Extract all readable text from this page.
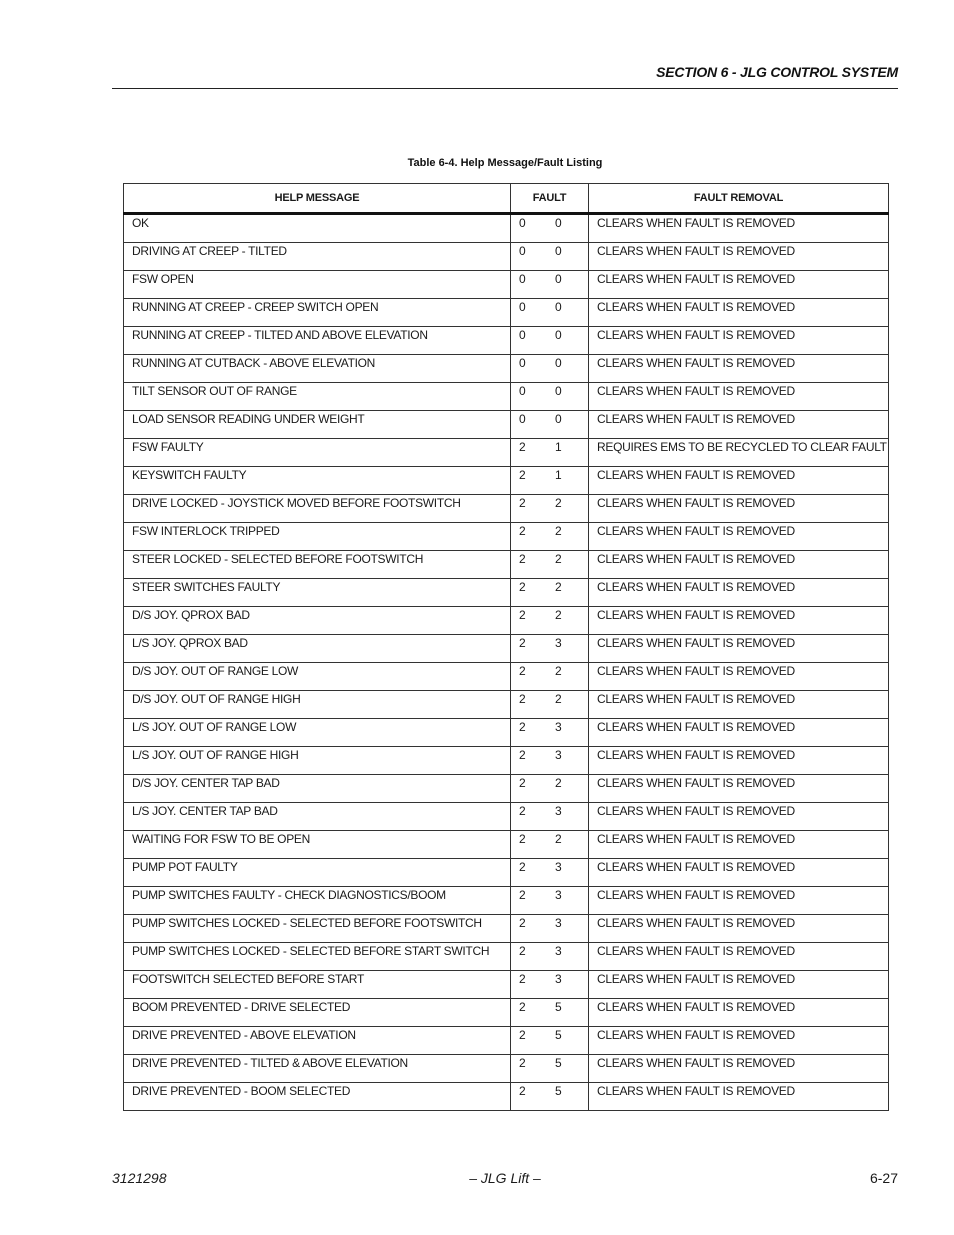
SECTION 6 - JLG CONTROL SYSTEM
Table 6-4. Help Message/Fault Listing
HELP MESSAGE	FAULT	FAULT REMOVAL
OK	0 0	CLEARS WHEN FAULT IS REMOVED
DRIVING AT CREEP - TILTED	0 0	CLEARS WHEN FAULT IS REMOVED
FSW OPEN	0 0	CLEARS WHEN FAULT IS REMOVED
RUNNING AT CREEP - CREEP SWITCH OPEN	0 0	CLEARS WHEN FAULT IS REMOVED
RUNNING AT CREEP - TILTED AND ABOVE ELEVATION	0 0	CLEARS WHEN FAULT IS REMOVED
RUNNING AT CUTBACK - ABOVE ELEVATION	0 0	CLEARS WHEN FAULT IS REMOVED
TILT SENSOR OUT OF RANGE	0 0	CLEARS WHEN FAULT IS REMOVED
LOAD SENSOR READING UNDER WEIGHT	0 0	CLEARS WHEN FAULT IS REMOVED
FSW FAULTY	2 1	REQUIRES EMS TO BE RECYCLED TO CLEAR FAULT
KEYSWITCH FAULTY	2 1	CLEARS WHEN FAULT IS REMOVED
DRIVE LOCKED - JOYSTICK MOVED BEFORE FOOTSWITCH	2 2	CLEARS WHEN FAULT IS REMOVED
FSW INTERLOCK TRIPPED	2 2	CLEARS WHEN FAULT IS REMOVED
STEER LOCKED - SELECTED BEFORE FOOTSWITCH	2 2	CLEARS WHEN FAULT IS REMOVED
STEER SWITCHES FAULTY	2 2	CLEARS WHEN FAULT IS REMOVED
D/S JOY. QPROX BAD	2 2	CLEARS WHEN FAULT IS REMOVED
L/S JOY. QPROX BAD	2 3	CLEARS WHEN FAULT IS REMOVED
D/S JOY. OUT OF RANGE LOW	2 2	CLEARS WHEN FAULT IS REMOVED
D/S JOY. OUT OF RANGE HIGH	2 2	CLEARS WHEN FAULT IS REMOVED
L/S JOY. OUT OF RANGE LOW	2 3	CLEARS WHEN FAULT IS REMOVED
L/S JOY. OUT OF RANGE HIGH	2 3	CLEARS WHEN FAULT IS REMOVED
D/S JOY. CENTER TAP BAD	2 2	CLEARS WHEN FAULT IS REMOVED
L/S JOY. CENTER TAP BAD	2 3	CLEARS WHEN FAULT IS REMOVED
WAITING FOR FSW TO BE OPEN	2 2	CLEARS WHEN FAULT IS REMOVED
PUMP POT FAULTY	2 3	CLEARS WHEN FAULT IS REMOVED
PUMP SWITCHES FAULTY - CHECK DIAGNOSTICS/BOOM	2 3	CLEARS WHEN FAULT IS REMOVED
PUMP SWITCHES LOCKED - SELECTED BEFORE FOOTSWITCH	2 3	CLEARS WHEN FAULT IS REMOVED
PUMP SWITCHES LOCKED - SELECTED BEFORE START SWITCH	2 3	CLEARS WHEN FAULT IS REMOVED
FOOTSWITCH SELECTED BEFORE START	2 3	CLEARS WHEN FAULT IS REMOVED
BOOM PREVENTED - DRIVE SELECTED	2 5	CLEARS WHEN FAULT IS REMOVED
DRIVE PREVENTED - ABOVE ELEVATION	2 5	CLEARS WHEN FAULT IS REMOVED
DRIVE PREVENTED - TILTED & ABOVE ELEVATION	2 5	CLEARS WHEN FAULT IS REMOVED
DRIVE PREVENTED - BOOM SELECTED	2 5	CLEARS WHEN FAULT IS REMOVED
3121298	– JLG Lift –	6-27
